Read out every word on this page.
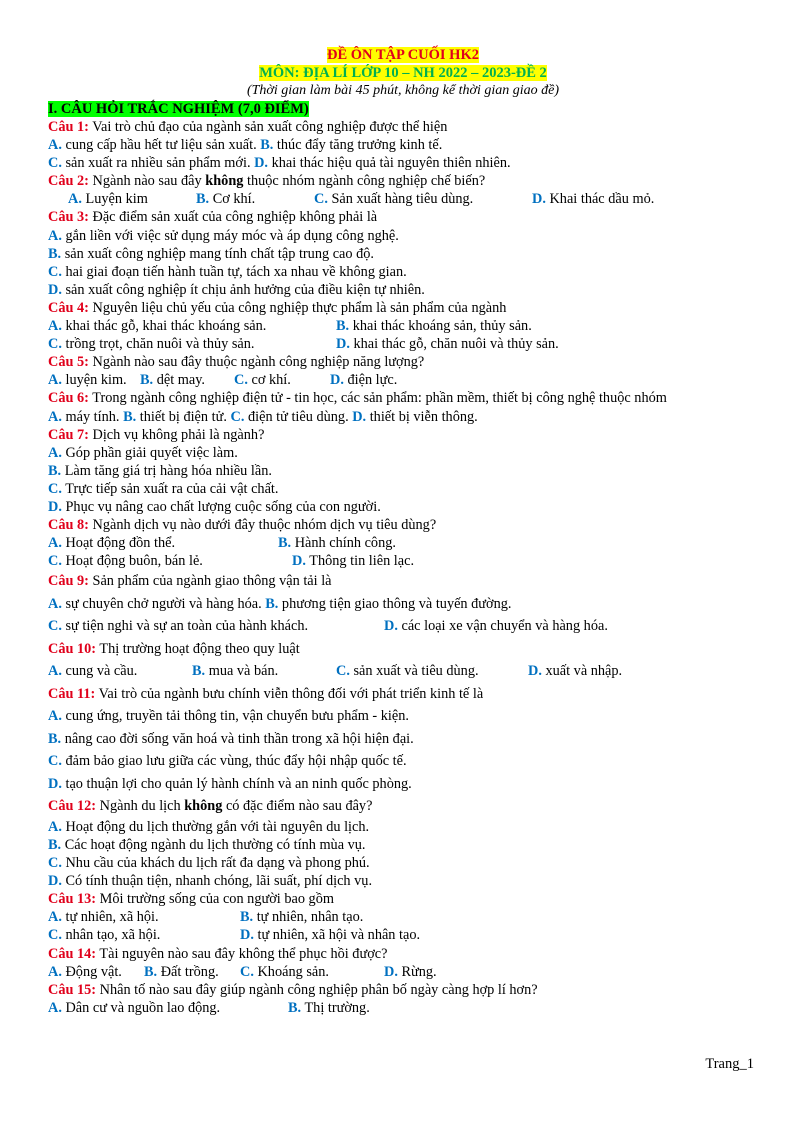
ĐỀ ÔN TẬP CUỐI HK2
MÔN: ĐỊA LÍ LỚP 10 – NH 2022 – 2023-ĐỀ 2
(Thời gian làm bài 45 phút, không kể thời gian giao đề)
I. CÂU HỎI TRẮC NGHIỆM (7,0 ĐIỂM)
Câu 1: Vai trò chủ đạo của ngành sản xuất công nghiệp được thể hiện
A. cung cấp hầu hết tư liệu sản xuất. B. thúc đẩy tăng trưởng kinh tế.
C. sản xuất ra nhiều sản phẩm mới. D. khai thác hiệu quả tài nguyên thiên nhiên.
Câu 2: Ngành nào sau đây không thuộc nhóm ngành công nghiệp chế biến?
A. Luyện kim	B. Cơ khí.	C. Sản xuất hàng tiêu dùng.	D. Khai thác dầu mỏ.
Câu 3: Đặc điểm sản xuất của công nghiệp không phải là
A. gắn liền với việc sử dụng máy móc và áp dụng công nghệ.
B. sản xuất công nghiệp mang tính chất tập trung cao độ.
C. hai giai đoạn tiến hành tuần tự, tách xa nhau về không gian.
D. sản xuất công nghiệp ít chịu ảnh hưởng của điều kiện tự nhiên.
Câu 4: Nguyên liệu chủ yếu của công nghiệp thực phẩm là sản phẩm của ngành
A. khai thác gỗ, khai thác khoáng sản.	B. khai thác khoáng sản, thủy sản.
C. trồng trọt, chăn nuôi và thủy sản.	D. khai thác gỗ, chăn nuôi và thủy sản.
Câu 5: Ngành nào sau đây thuộc ngành công nghiệp năng lượng?
A. luyện kim. B. dệt may.	C. cơ khí.	D. điện lực.
Câu 6: Trong ngành công nghiệp điện tử - tin học, các sản phẩm: phần mềm, thiết bị công nghệ thuộc nhóm
A. máy tính. B. thiết bị điện tử. C. điện tử tiêu dùng. D. thiết bị viễn thông.
Câu 7: Dịch vụ không phải là ngành?
A. Góp phần giải quyết việc làm.
B. Làm tăng giá trị hàng hóa nhiều lần.
C. Trực tiếp sản xuất ra của cải vật chất.
D. Phục vụ nâng cao chất lượng cuộc sống của con người.
Câu 8: Ngành dịch vụ nào dưới đây thuộc nhóm dịch vụ tiêu dùng?
A. Hoạt động đồn thể.	B. Hành chính công.
C. Hoạt động buôn, bán lẻ.	D. Thông tin liên lạc.
Câu 9: Sản phẩm của ngành giao thông vận tải là
A. sự chuyên chở người và hàng hóa. B. phương tiện giao thông và tuyến đường.
C. sự tiện nghi và sự an toàn của hành khách.	D. các loại xe vận chuyển và hàng hóa.
Câu 10: Thị trường hoạt động theo quy luật
A. cung và cầu.	B. mua và bán.	C. sản xuất và tiêu dùng.	D. xuất và nhập.
Câu 11: Vai trò của ngành bưu chính viễn thông đối với phát triển kinh tế là
A. cung ứng, truyền tải thông tin, vận chuyển bưu phẩm - kiện.
B. nâng cao đời sống văn hoá và tinh thần trong xã hội hiện đại.
C. đảm bảo giao lưu giữa các vùng, thúc đẩy hội nhập quốc tế.
D. tạo thuận lợi cho quản lý hành chính và an ninh quốc phòng.
Câu 12: Ngành du lịch không có đặc điểm nào sau đây?
A. Hoạt động du lịch thường gắn với tài nguyên du lịch.
B. Các hoạt động ngành du lịch thường có tính mùa vụ.
C. Nhu cầu của khách du lịch rất đa dạng và phong phú.
D. Có tính thuận tiện, nhanh chóng, lãi suất, phí dịch vụ.
Câu 13: Môi trường sống của con người bao gồm
A. tự nhiên, xã hội.	B. tự nhiên, nhân tạo.
C. nhân tạo, xã hội.	D. tự nhiên, xã hội và nhân tạo.
Câu 14: Tài nguyên nào sau đây không thể phục hồi được?
A. Động vật.	B. Đất trồng.	C. Khoáng sản.	D. Rừng.
Câu 15: Nhân tố nào sau đây giúp ngành công nghiệp phân bố ngày càng hợp lí hơn?
A. Dân cư và nguồn lao động.	B. Thị trường.
Trang_1
